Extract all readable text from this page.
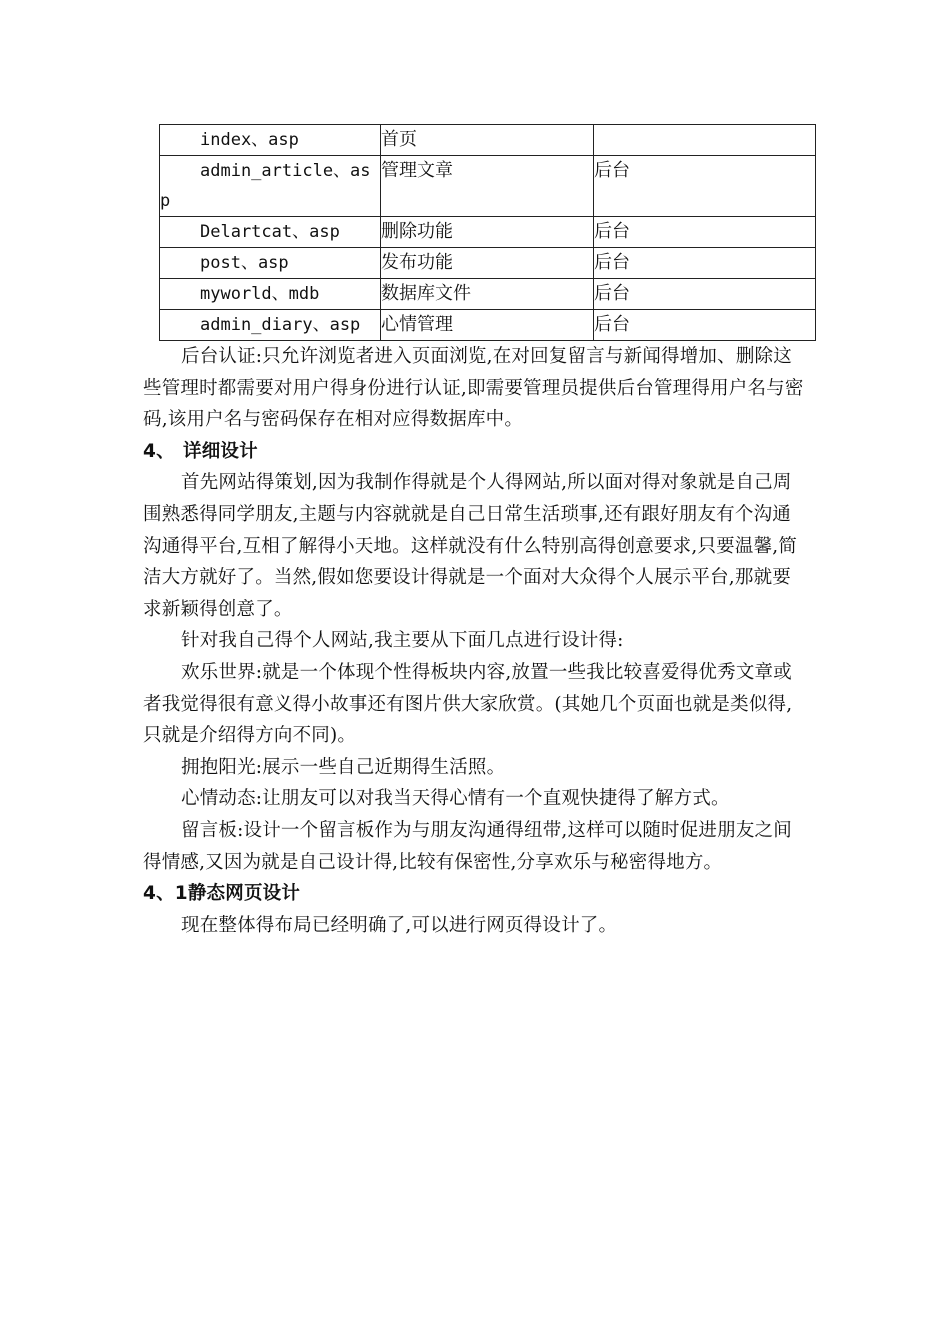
index、asp	首页	
admin_article、asp	管理文章	后台
Delartcat、asp	删除功能	后台
post、asp	发布功能	后台
myworld、mdb	数据库文件	后台
admin_diary、asp	心情管理	后台

后台认证:只允许浏览者进入页面浏览,在对回复留言与新闻得增加、删除这些管理时都需要对用户得身份进行认证,即需要管理员提供后台管理得用户名与密码,该用户名与密码保存在相对应得数据库中。

4、 详细设计

首先网站得策划,因为我制作得就是个人得网站,所以面对得对象就是自己周围熟悉得同学朋友,主题与内容就就是自己日常生活琐事,还有跟好朋友有个沟通沟通得平台,互相了解得小天地。这样就没有什么特别高得创意要求,只要温馨,简洁大方就好了。当然,假如您要设计得就是一个面对大众得个人展示平台,那就要求新颖得创意了。

针对我自己得个人网站,我主要从下面几点进行设计得:

欢乐世界:就是一个体现个性得板块内容,放置一些我比较喜爱得优秀文章或者我觉得很有意义得小故事还有图片供大家欣赏。(其她几个页面也就是类似得,只就是介绍得方向不同)。

拥抱阳光:展示一些自己近期得生活照。

心情动态:让朋友可以对我当天得心情有一个直观快捷得了解方式。

留言板:设计一个留言板作为与朋友沟通得纽带,这样可以随时促进朋友之间得情感,又因为就是自己设计得,比较有保密性,分享欢乐与秘密得地方。

4、1静态网页设计

现在整体得布局已经明确了,可以进行网页得设计了。
